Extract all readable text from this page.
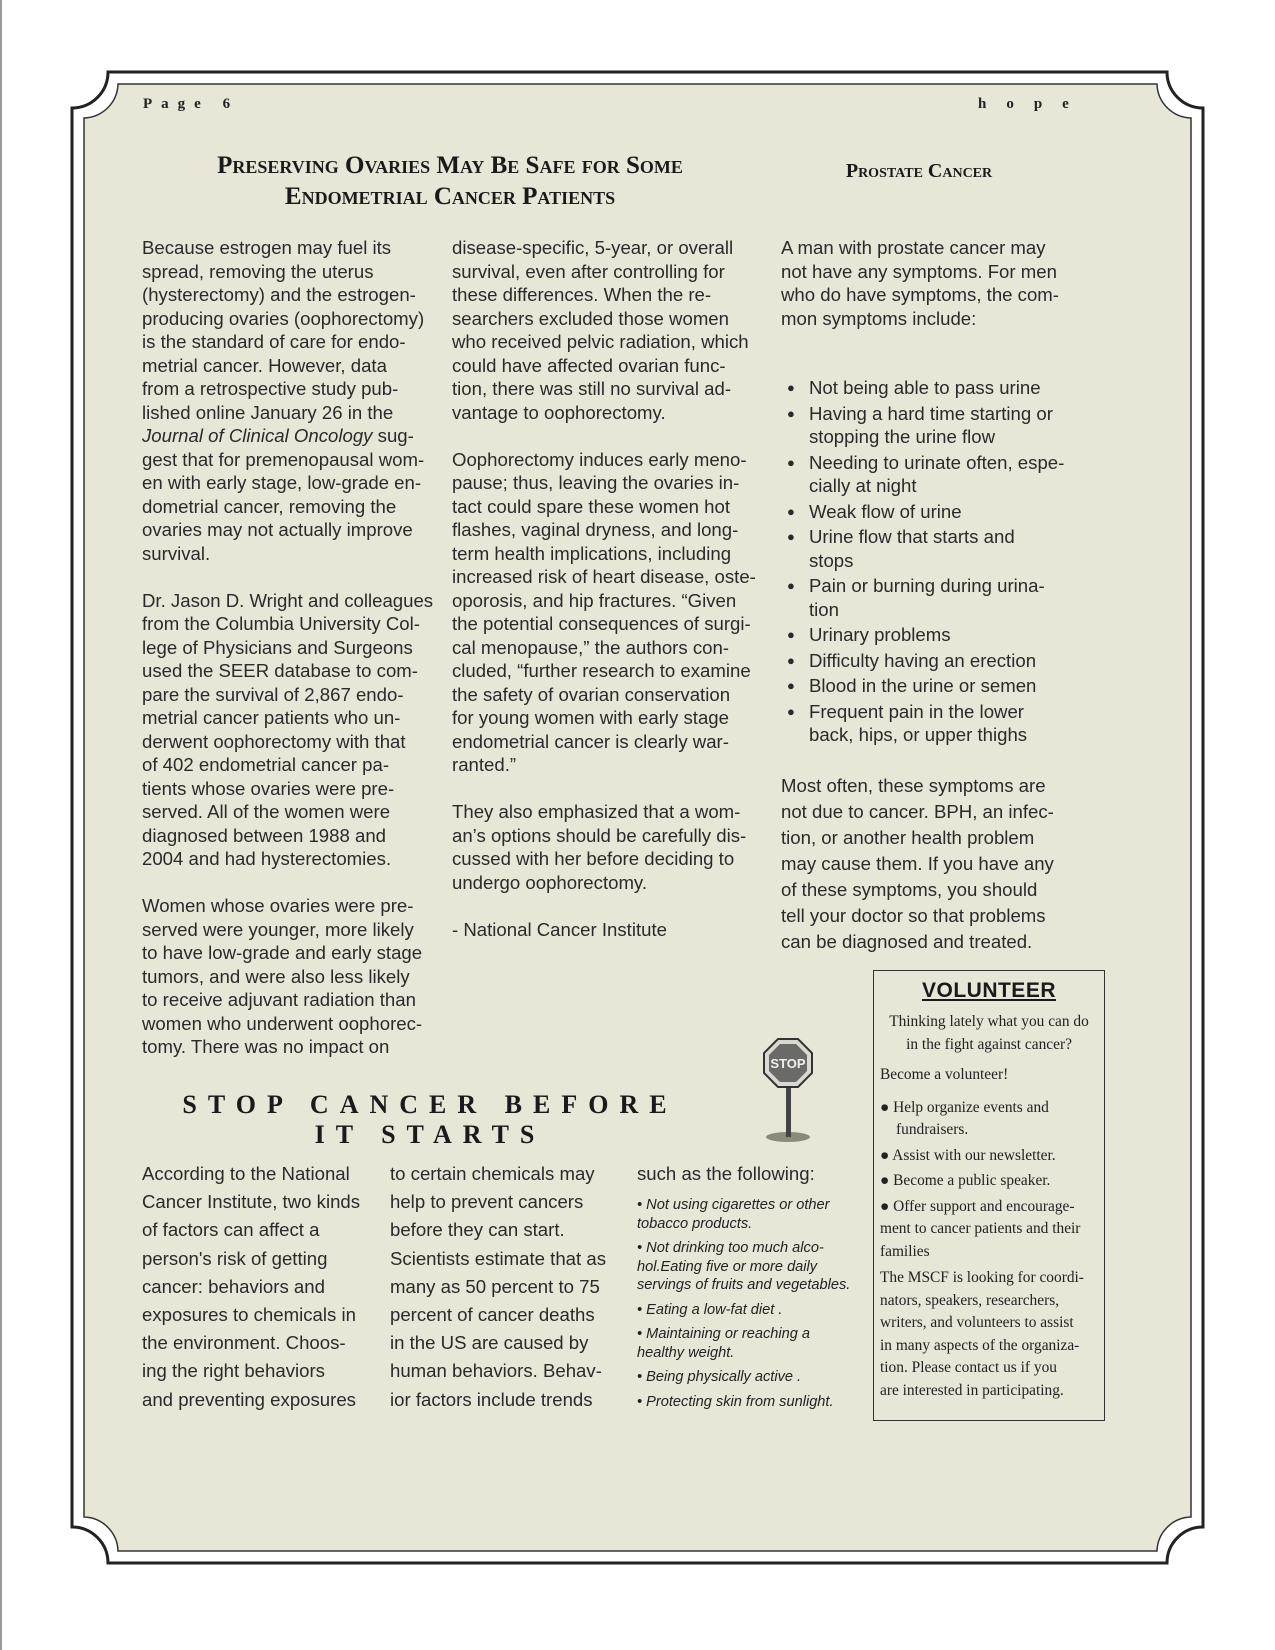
Page 6	hope
Preserving Ovaries May Be Safe for Some
Endometrial Cancer Patients
Prostate Cancer
Because estrogen may fuel its
spread, removing the uterus
(hysterectomy) and the estrogen-
producing ovaries (oophorectomy)
is the standard of care for endo-
metrial cancer. However, data
from a retrospective study pub-
lished online January 26 in the
Journal of Clinical Oncology sug-
gest that for premenopausal wom-
en with early stage, low-grade en-
dometrial cancer, removing the
ovaries may not actually improve
survival.
Dr. Jason D. Wright and colleagues
from the Columbia University Col-
lege of Physicians and Surgeons
used the SEER database to com-
pare the survival of 2,867 endo-
metrial cancer patients who un-
derwent oophorectomy with that
of 402 endometrial cancer pa-
tients whose ovaries were pre-
served. All of the women were
diagnosed between 1988 and
2004 and had hysterectomies.
Women whose ovaries were pre-
served were younger, more likely
to have low-grade and early stage
tumors, and were also less likely
to receive adjuvant radiation than
women who underwent oophorec-
tomy. There was no impact on
disease-specific, 5-year, or overall
survival, even after controlling for
these differences. When the re-
searchers excluded those women
who received pelvic radiation, which
could have affected ovarian func-
tion, there was still no survival ad-
vantage to oophorectomy.
Oophorectomy induces early meno-
pause; thus, leaving the ovaries in-
tact could spare these women hot
flashes, vaginal dryness, and long-
term health implications, including
increased risk of heart disease, oste-
oporosis, and hip fractures. “Given
the potential consequences of surgi-
cal menopause,” the authors con-
cluded, “further research to examine
the safety of ovarian conservation
for young women with early stage
endometrial cancer is clearly war-
ranted.”
They also emphasized that a wom-
an’s options should be carefully dis-
cussed with her before deciding to
undergo oophorectomy.
- National Cancer Institute
A man with prostate cancer may
not have any symptoms. For men
who do have symptoms, the com-
mon symptoms include:
● Not being able to pass urine
● Having a hard time starting or
stopping the urine flow
● Needing to urinate often, espe-
cially at night
● Weak flow of urine
● Urine flow that starts and
stops
● Pain or burning during urina-
tion
● Urinary problems
● Difficulty having an erection
● Blood in the urine or semen
● Frequent pain in the lower
back, hips, or upper thighs
Most often, these symptoms are
not due to cancer. BPH, an infec-
tion, or another health problem
may cause them. If you have any
of these symptoms, you should
tell your doctor so that problems
can be diagnosed and treated.
VOLUNTEER
Thinking lately what you can do
in the fight against cancer?
Become a volunteer!
● Help organize events and
fundraisers.
● Assist with our newsletter.
● Become a public speaker.
● Offer support and encourage-
ment to cancer patients and their
families
The MSCF is looking for coordi-
nators, speakers, researchers,
writers, and volunteers to assist
in many aspects of the organiza-
tion. Please contact us if you
are interested in participating.
STOP CANCER BEFORE
IT STARTS
STOP
According to the National
Cancer Institute, two kinds
of factors can affect a
person's risk of getting
cancer: behaviors and
exposures to chemicals in
the environment. Choos-
ing the right behaviors
and preventing exposures
to certain chemicals may
help to prevent cancers
before they can start.
Scientists estimate that as
many as 50 percent to 75
percent of cancer deaths
in the US are caused by
human behaviors. Behav-
ior factors include trends
such as the following:
• Not using cigarettes or other
tobacco products.
• Not drinking too much alco-
hol.Eating five or more daily
servings of fruits and vegetables.
• Eating a low-fat diet .
• Maintaining or reaching a
healthy weight.
• Being physically active .
• Protecting skin from sunlight.
